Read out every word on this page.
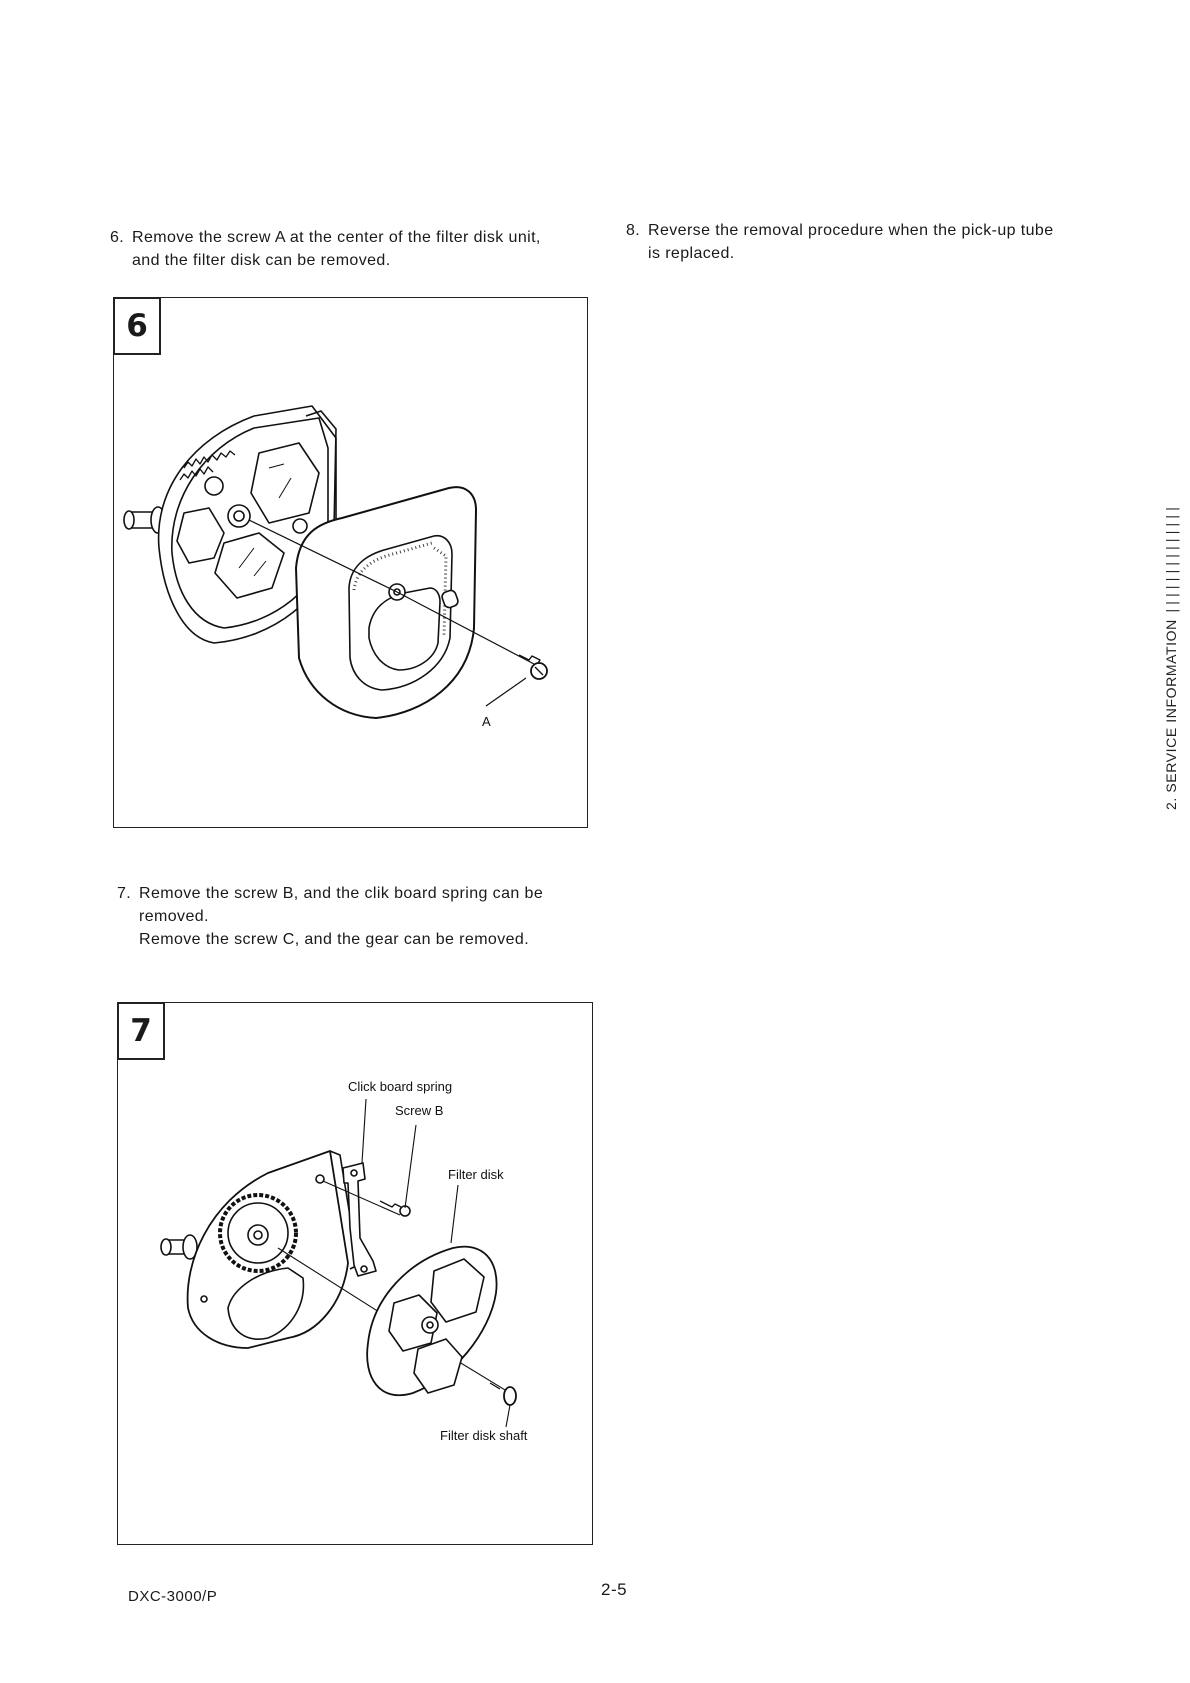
6. Remove the screw A at the center of the filter disk unit,
and the filter disk can be removed.
8. Reverse the removal procedure when the pick-up tube
is replaced.
6
A
7. Remove the screw B, and the clik board spring can be
removed.
Remove the screw C, and the gear can be removed.
7
Click board spring
Screw B
Filter disk
Filter disk shaft
2. SERVICE INFORMATION ||||||||||||||
DXC-3000/P	2-5
